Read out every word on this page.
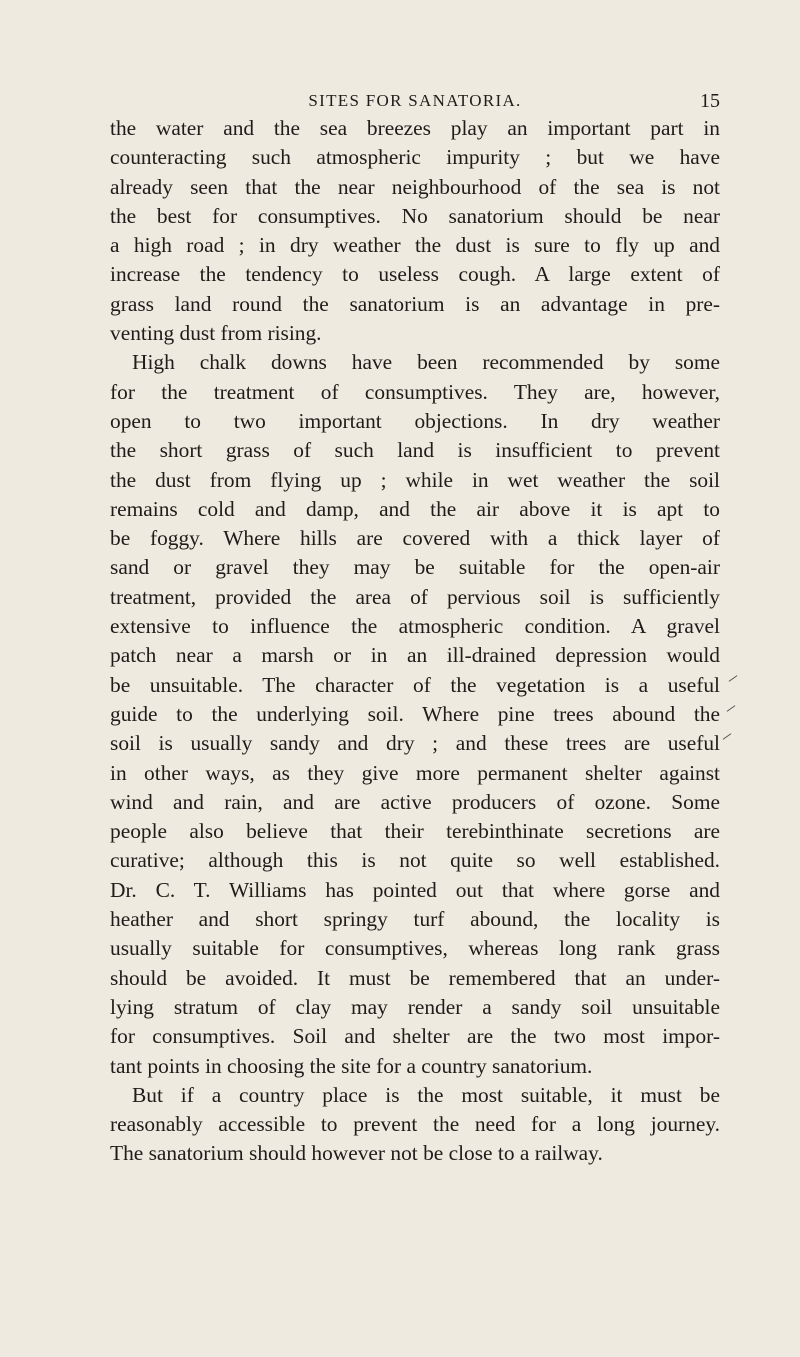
SITES FOR SANATORIA.	15
the water and the sea breezes play an important part in
counteracting such atmospheric impurity ; but we have
already seen that the near neighbourhood of the sea is not
the best for consumptives. No sanatorium should be near
a high road ; in dry weather the dust is sure to fly up and
increase the tendency to useless cough. A large extent of
grass land round the sanatorium is an advantage in pre-
venting dust from rising.
High chalk downs have been recommended by some
for the treatment of consumptives. They are, however,
open to two important objections. In dry weather
the short grass of such land is insufficient to prevent
the dust from flying up ; while in wet weather the soil
remains cold and damp, and the air above it is apt to
be foggy. Where hills are covered with a thick layer of
sand or gravel they may be suitable for the open-air
treatment, provided the area of pervious soil is sufficiently
extensive to influence the atmospheric condition. A gravel
patch near a marsh or in an ill-drained depression would
be unsuitable. The character of the vegetation is a useful
guide to the underlying soil. Where pine trees abound the
soil is usually sandy and dry ; and these trees are useful
in other ways, as they give more permanent shelter against
wind and rain, and are active producers of ozone. Some
people also believe that their terebinthinate secretions are
curative; although this is not quite so well established.
Dr. C. T. Williams has pointed out that where gorse and
heather and short springy turf abound, the locality is
usually suitable for consumptives, whereas long rank grass
should be avoided. It must be remembered that an under-
lying stratum of clay may render a sandy soil unsuitable
for consumptives. Soil and shelter are the two most impor-
tant points in choosing the site for a country sanatorium.
But if a country place is the most suitable, it must be
reasonably accessible to prevent the need for a long journey.
The sanatorium should however not be close to a railway.
